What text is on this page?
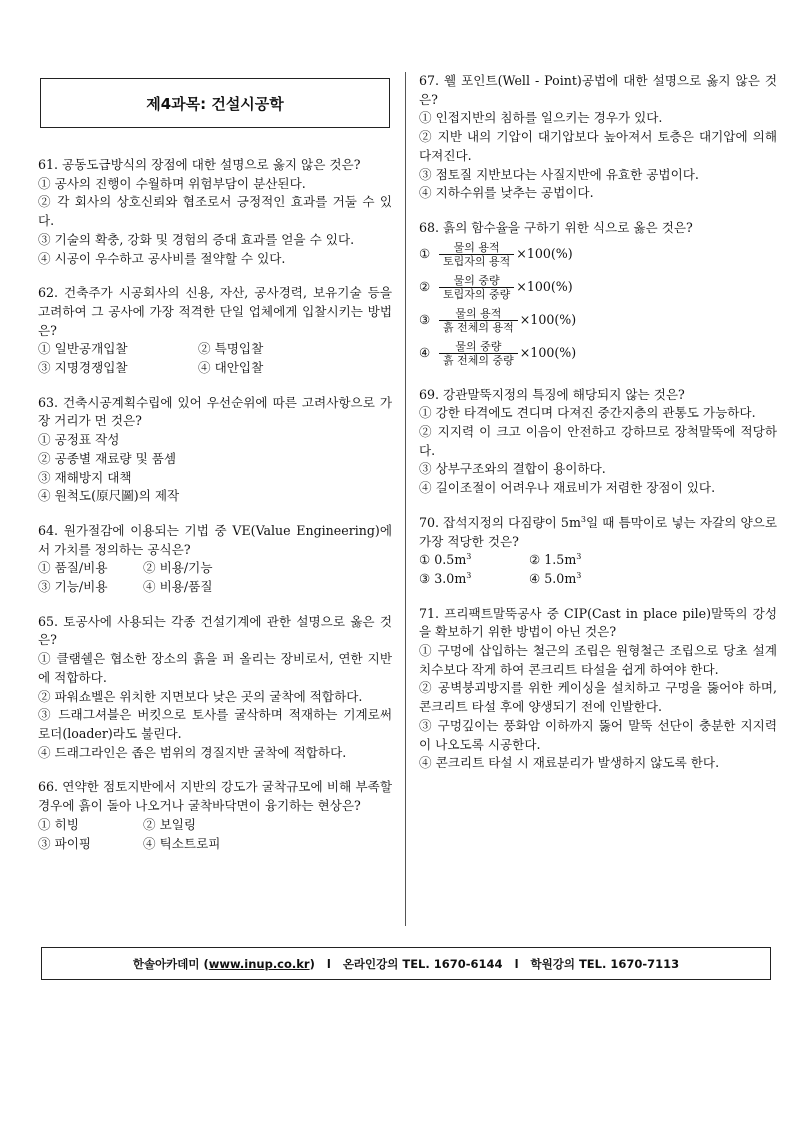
제4과목: 건설시공학
61. 공동도급방식의 장점에 대한 설명으로 옳지 않은 것은?
① 공사의 진행이 수월하며 위험부담이 분산된다.
② 각 회사의 상호신뢰와 협조로서 긍정적인 효과를 거둘 수 있다.
③ 기술의 확충, 강화 및 경험의 증대 효과를 얻을 수 있다.
④ 시공이 우수하고 공사비를 절약할 수 있다.
62. 건축주가 시공회사의 신용, 자산, 공사경력, 보유기술 등을 고려하여 그 공사에 가장 적격한 단일 업체에게 입찰시키는 방법은?
① 일반공개입찰	② 특명입찰
③ 지명경쟁입찰	④ 대안입찰
63. 건축시공계획수립에 있어 우선순위에 따른 고려사항으로 가장 거리가 먼 것은?
① 공정표 작성
② 공종별 재료량 및 품셈
③ 재해방지 대책
④ 원척도(原尺圖)의 제작
64. 원가절감에 이용되는 기법 중 VE(Value Engineering)에서 가치를 정의하는 공식은?
① 품질/비용	② 비용/기능
③ 기능/비용	④ 비용/품질
65. 토공사에 사용되는 각종 건설기계에 관한 설명으로 옳은 것은?
① 클램쉘은 협소한 장소의 흙을 퍼 올리는 장비로서, 연한 지반에 적합하다.
② 파워쇼벨은 위치한 지면보다 낮은 곳의 굴착에 적합하다.
③ 드래그셔블은 버킷으로 토사를 굴삭하며 적재하는 기계로써 로더(loader)라도 불린다.
④ 드래그라인은 좁은 범위의 경질지반 굴착에 적합하다.
66. 연약한 점토지반에서 지반의 강도가 굴착규모에 비해 부족할 경우에 흙이 돌아 나오거나 굴착바닥면이 융기하는 현상은?
① 히빙	② 보일링
③ 파이핑	④ 틱소트로피
67. 웰 포인트(Well - Point)공법에 대한 설명으로 옳지 않은 것은?
① 인접지반의 침하를 일으키는 경우가 있다.
② 지반 내의 기압이 대기압보다 높아져서 토층은 대기압에 의해 다져진다.
③ 점토질 지반보다는 사질지반에 유효한 공법이다.
④ 지하수위를 낮추는 공법이다.
68. 흙의 함수율을 구하기 위한 식으로 옳은 것은?
① $\frac{\text{물의 용적}}{\text{토립자의 용적}} \times 100(\%)$
② $\frac{\text{물의 중량}}{\text{토립자의 중량}} \times 100(\%)$
③ $\frac{\text{물의 용적}}{\text{흙 전체의 용적}} \times 100(\%)$
④ $\frac{\text{물의 중량}}{\text{흙 전체의 중량}} \times 100(\%)$
69. 강관말뚝지정의 특징에 해당되지 않는 것은?
① 강한 타격에도 견디며 다져진 중간지층의 관통도 가능하다.
② 지지력 이 크고 이음이 안전하고 강하므로 장척말뚝에 적당하다.
③ 상부구조와의 결합이 용이하다.
④ 길이조절이 어려우나 재료비가 저렴한 장점이 있다.
70. 잡석지정의 다짐량이 $5m^3$일 때 틈막이로 넣는 자갈의 양으로 가장 적당한 것은?
① $0.5m^3$	② $1.5m^3$
③ $3.0m^3$	④ $5.0m^3$
71. 프리팩트말뚝공사 중 CIP(Cast in place pile)말뚝의 강성을 확보하기 위한 방법이 아닌 것은?
① 구멍에 삽입하는 철근의 조립은 원형철근 조립으로 당초 설계치수보다 작게 하여 콘크리트 타설을 쉽게 하여야 한다.
② 공벽붕괴방지를 위한 케이싱을 설치하고 구멍을 뚫어야 하며, 콘크리트 타설 후에 양생되기 전에 인발한다.
③ 구멍깊이는 풍화암 이하까지 뚫어 말뚝 선단이 충분한 지지력이 나오도록 시공한다.
④ 콘크리트 타설 시 재료분리가 발생하지 않도록 한다.
한솔아카데미 ( www.inup.co.kr ) l 온라인강의 TEL. 1670-6144 l 학원강의 TEL. 1670-7113
